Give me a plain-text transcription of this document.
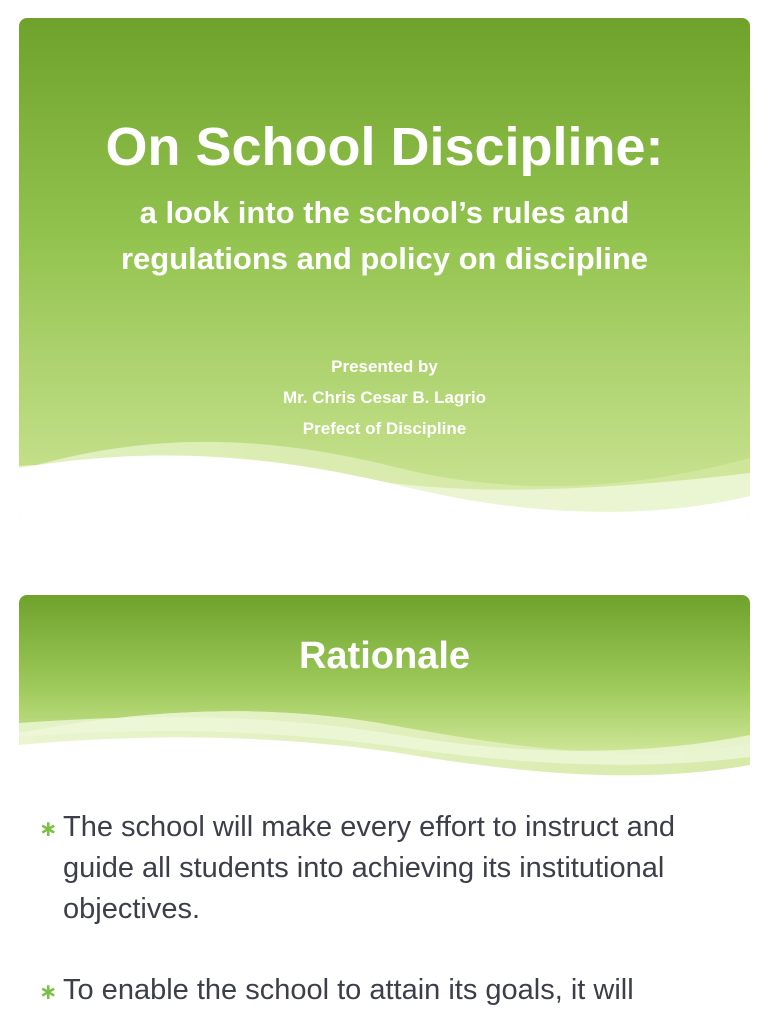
On School Discipline:
a look into the school’s rules and regulations and policy on discipline
Presented by
Mr. Chris Cesar B. Lagrio
Prefect of Discipline
Rationale
∗ The school will make every effort to instruct and guide all students into achieving its institutional objectives.
∗ To enable the school to attain its goals, it will
